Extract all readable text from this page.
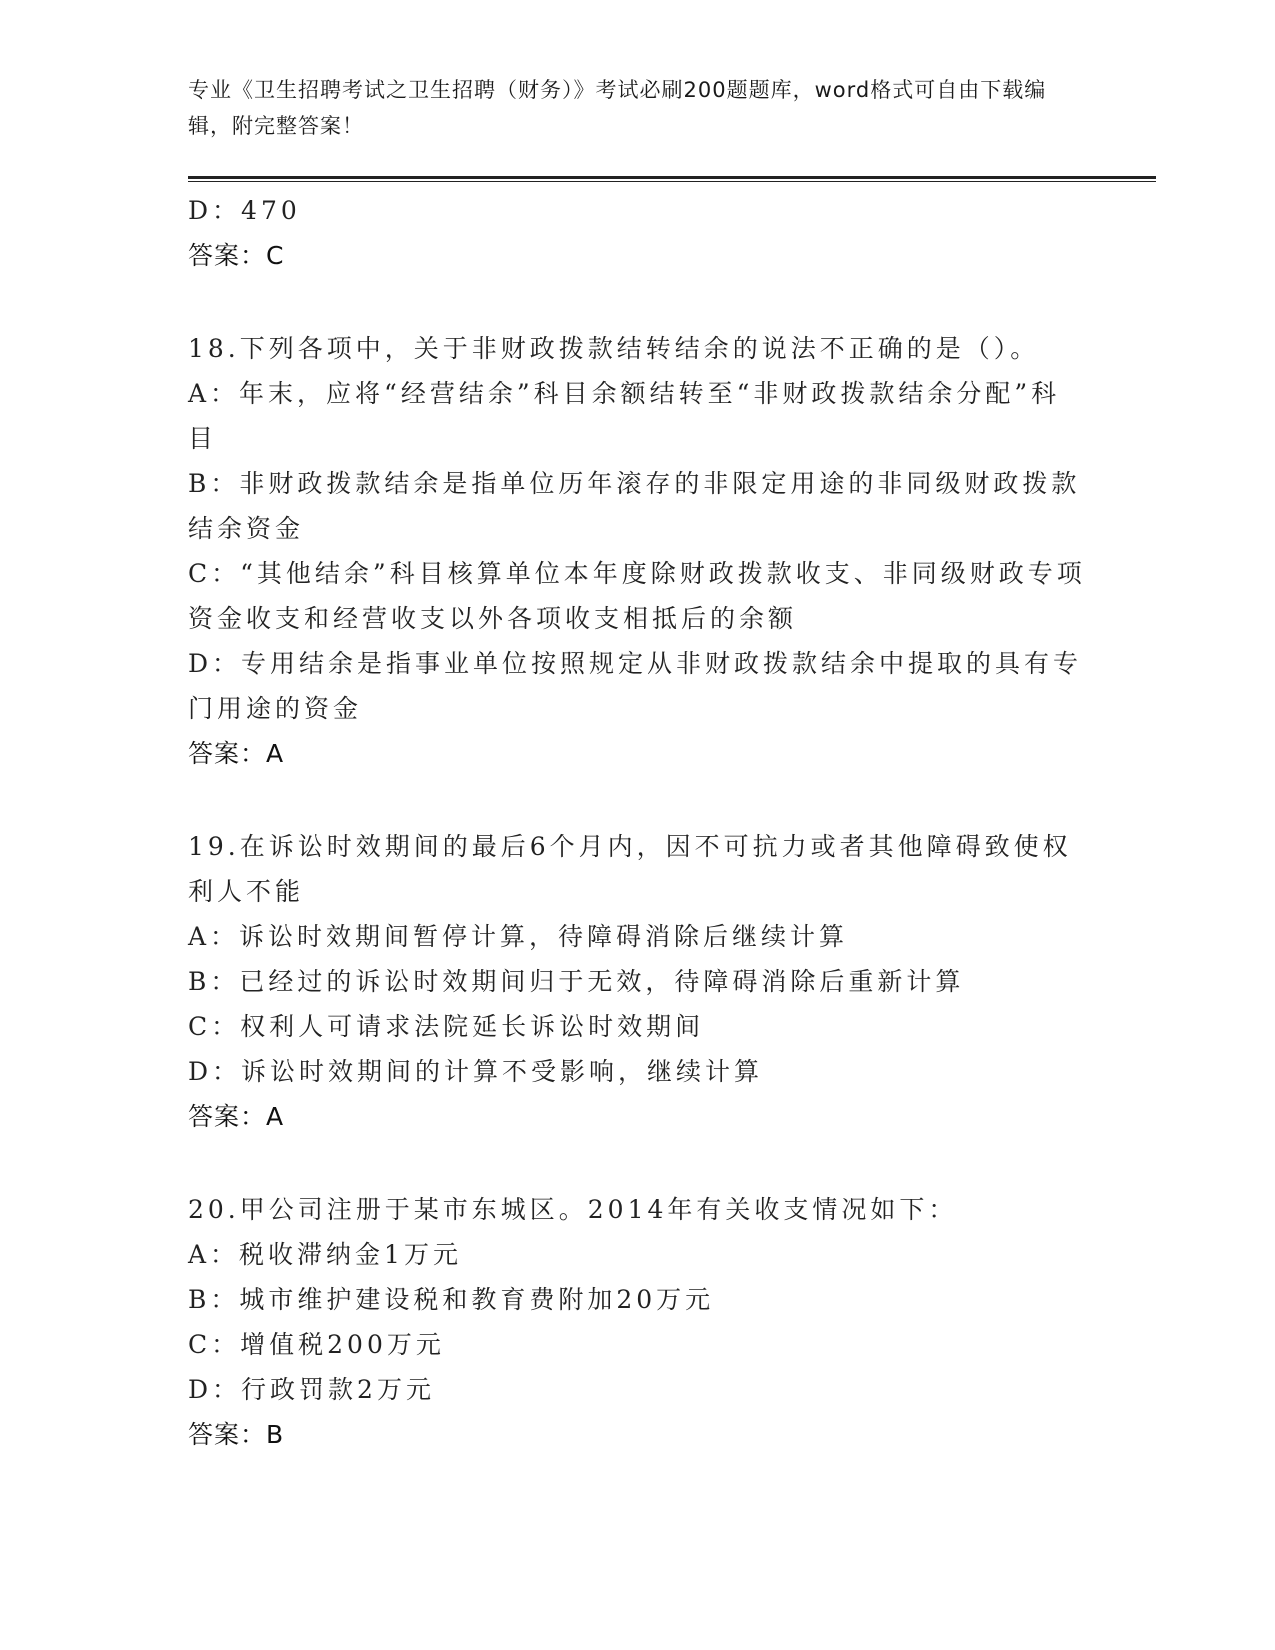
专业《卫生招聘考试之卫生招聘（财务）》考试必刷200题题库，word格式可自由下载编辑，附完整答案！
D：470
答案：C
18.下列各项中，关于非财政拨款结转结余的说法不正确的是（）。
A：年末，应将“经营结余”科目余额结转至“非财政拨款结余分配”科目
B：非财政拨款结余是指单位历年滚存的非限定用途的非同级财政拨款结余资金
C：“其他结余”科目核算单位本年度除财政拨款收支、非同级财政专项资金收支和经营收支以外各项收支相抵后的余额
D：专用结余是指事业单位按照规定从非财政拨款结余中提取的具有专门用途的资金
答案：A
19.在诉讼时效期间的最后6个月内，因不可抗力或者其他障碍致使权利人不能
A：诉讼时效期间暂停计算，待障碍消除后继续计算
B：已经过的诉讼时效期间归于无效，待障碍消除后重新计算
C：权利人可请求法院延长诉讼时效期间
D：诉讼时效期间的计算不受影响，继续计算
答案：A
20.甲公司注册于某市东城区。2014年有关收支情况如下：
A：税收滞纳金1万元
B：城市维护建设税和教育费附加20万元
C：增值税200万元
D：行政罚款2万元
答案：B
